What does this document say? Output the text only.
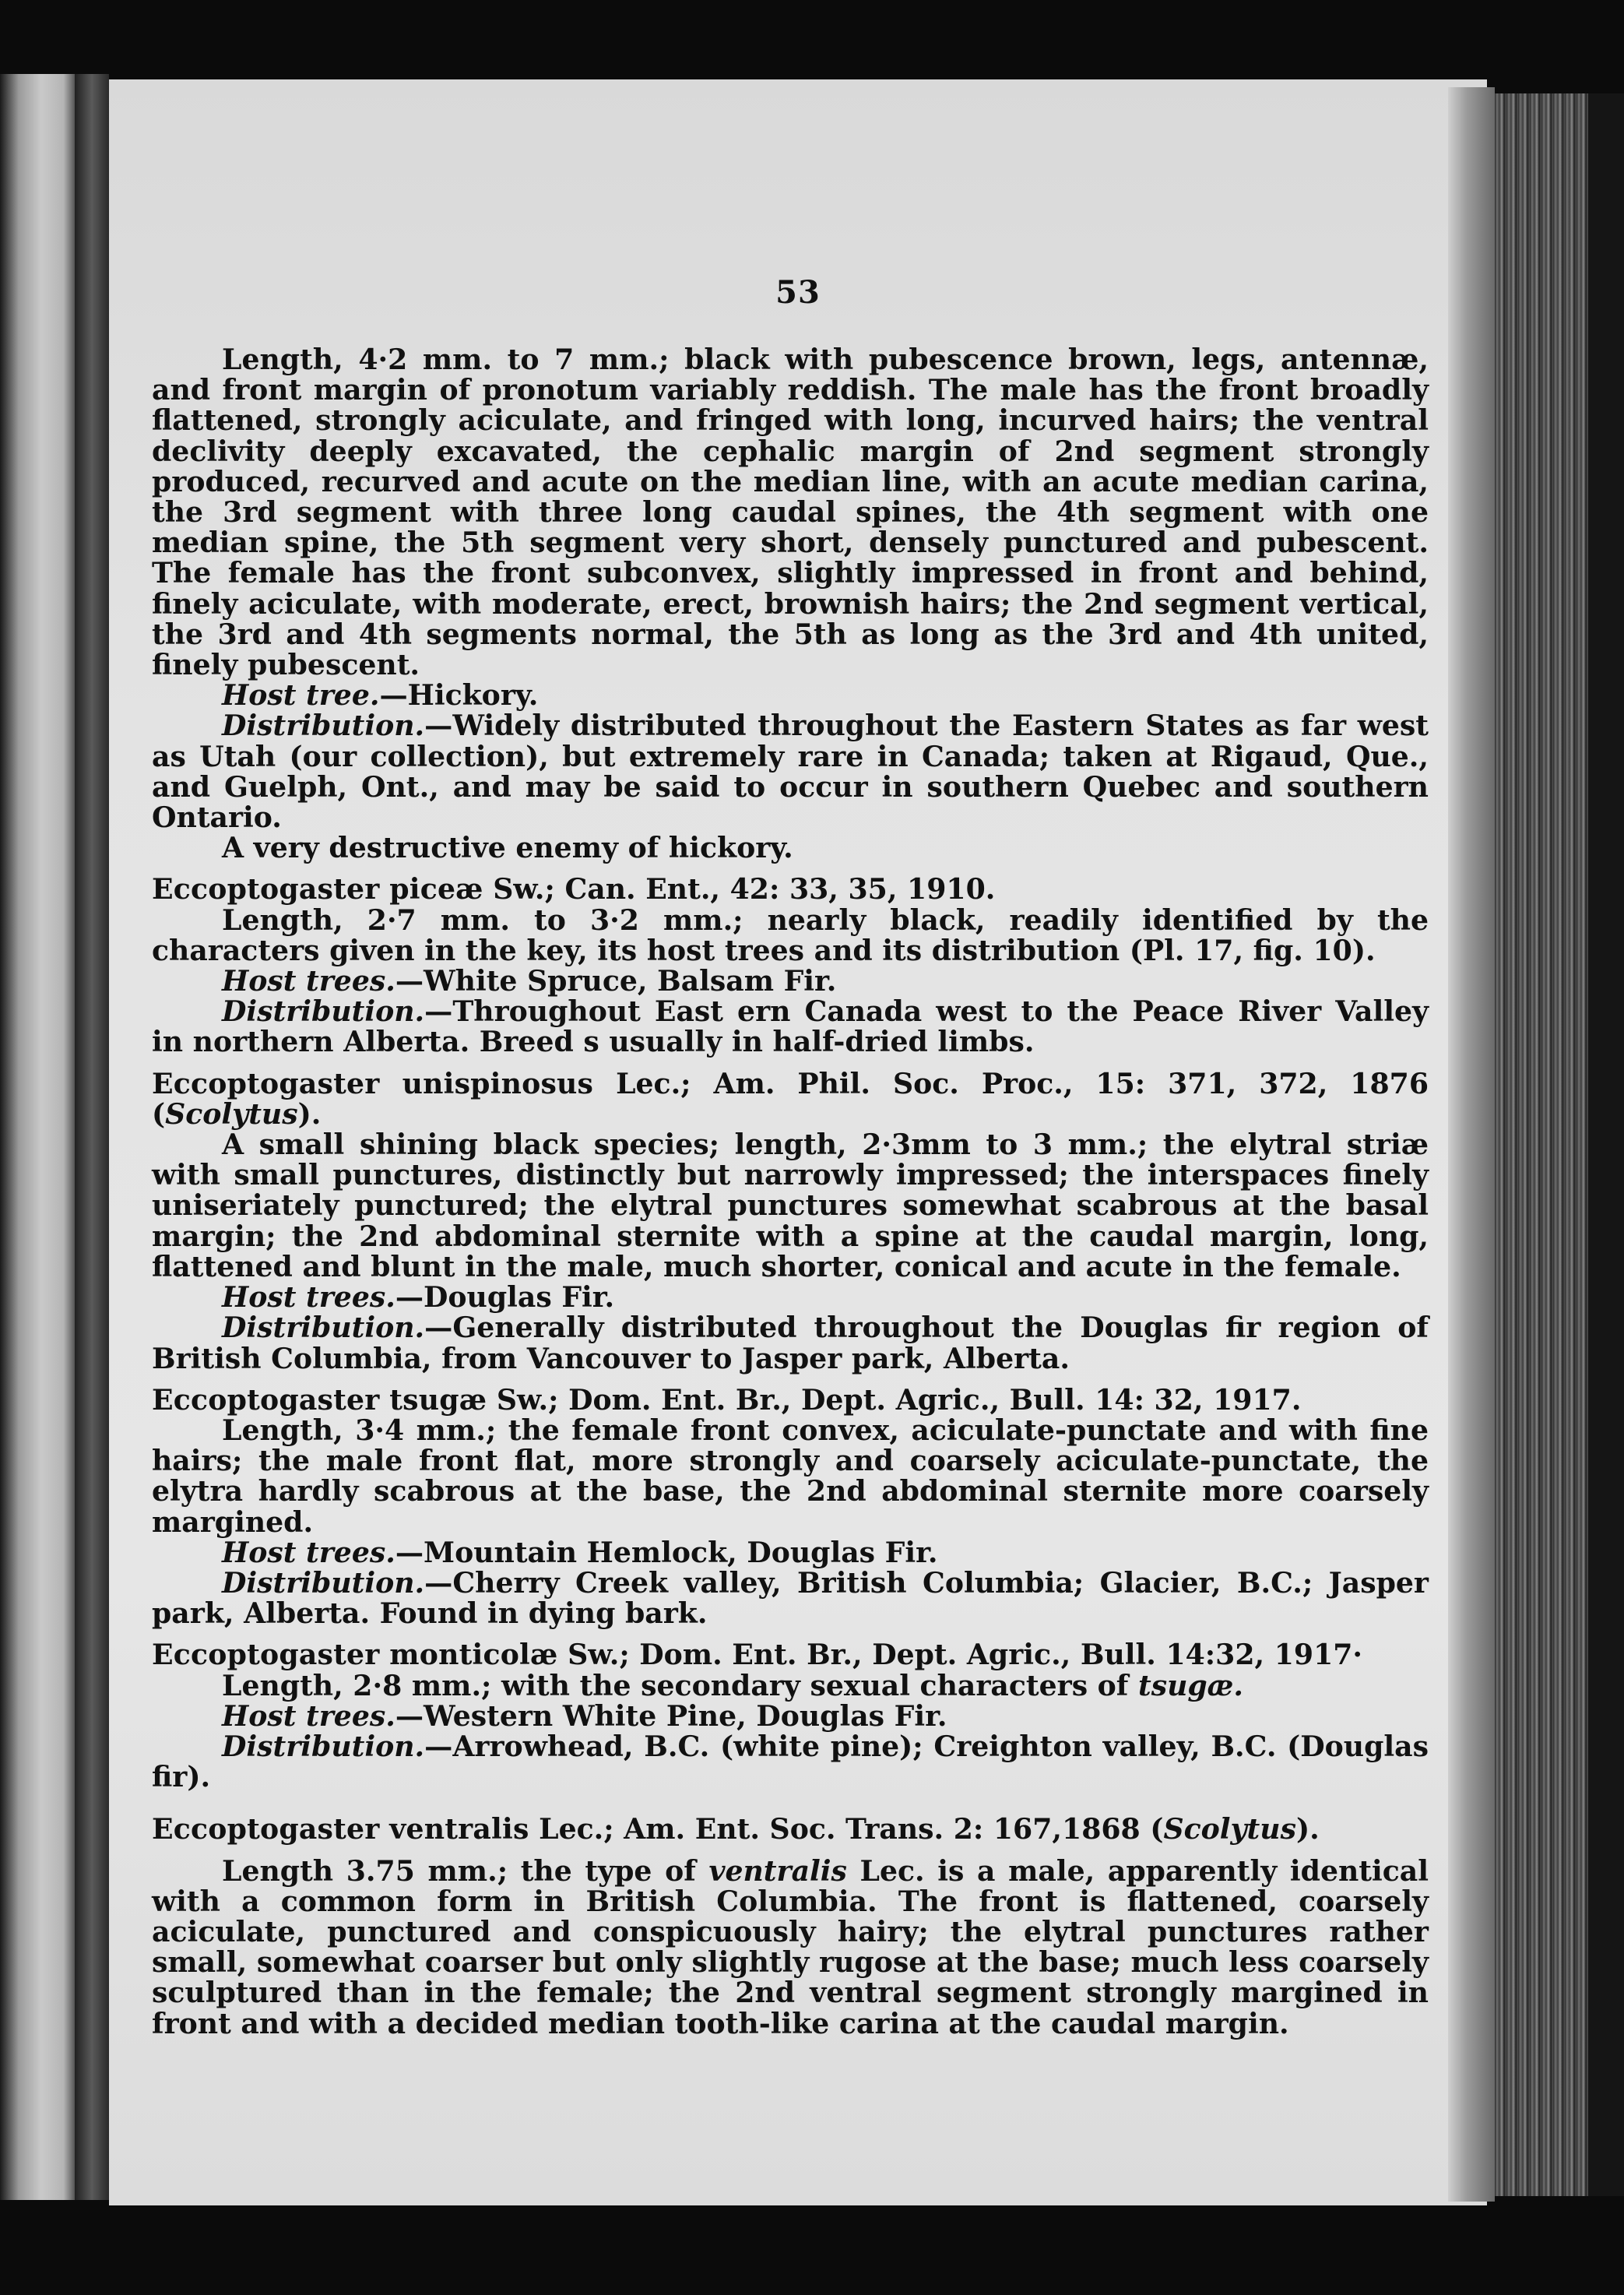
53

Length, 4·2 mm. to 7 mm.; black with pubescence brown, legs, antennæ, and front margin of pronotum variably reddish. The male has the front broadly flattened, strongly aciculate, and fringed with long, incurved hairs; the ventral declivity deeply excavated, the cephalic margin of 2nd segment strongly produced, recurved and acute on the median line, with an acute median carina, the 3rd segment with three long caudal spines, the 4th segment with one median spine, the 5th segment very short, densely punctured and pubescent. The female has the front subconvex, slightly impressed in front and behind, finely aciculate, with moderate, erect, brownish hairs; the 2nd segment vertical, the 3rd and 4th segments normal, the 5th as long as the 3rd and 4th united, finely pubescent.

Host tree.—Hickory.

Distribution.—Widely distributed throughout the Eastern States as far west as Utah (our collection), but extremely rare in Canada; taken at Rigaud, Que., and Guelph, Ont., and may be said to occur in southern Quebec and southern Ontario.

A very destructive enemy of hickory.

Eccoptogaster piceæ Sw.; Can. Ent., 42: 33, 35, 1910.

Length, 2·7 mm. to 3·2 mm.; nearly black, readily identified by the characters given in the key, its host trees and its distribution (Pl. 17, fig. 10).

Host trees.—White Spruce, Balsam Fir.

Distribution.—Throughout East ern Canada west to the Peace River Valley in northern Alberta. Breed s usually in half-dried limbs.

Eccoptogaster unispinosus Lec.; Am. Phil. Soc. Proc., 15: 371, 372, 1876 (Scolytus).

A small shining black species; length, 2·3mm to 3 mm.; the elytral striæ with small punctures, distinctly but narrowly impressed; the interspaces finely uniseriately punctured; the elytral punctures somewhat scabrous at the basal margin; the 2nd abdominal sternite with a spine at the caudal margin, long, flattened and blunt in the male, much shorter, conical and acute in the female.

Host trees.—Douglas Fir.

Distribution.—Generally distributed throughout the Douglas fir region of British Columbia, from Vancouver to Jasper park, Alberta.

Eccoptogaster tsugæ Sw.; Dom. Ent. Br., Dept. Agric., Bull. 14: 32, 1917.

Length, 3·4 mm.; the female front convex, aciculate-punctate and with fine hairs; the male front flat, more strongly and coarsely aciculate-punctate, the elytra hardly scabrous at the base, the 2nd abdominal sternite more coarsely margined.

Host trees.—Mountain Hemlock, Douglas Fir.

Distribution.—Cherry Creek valley, British Columbia; Glacier, B.C.; Jasper park, Alberta. Found in dying bark.

Eccoptogaster monticolæ Sw.; Dom. Ent. Br., Dept. Agric., Bull. 14:32, 1917·

Length, 2·8 mm.; with the secondary sexual characters of tsugæ.

Host trees.—Western White Pine, Douglas Fir.

Distribution.—Arrowhead, B.C. (white pine); Creighton valley, B.C. (Douglas fir).

Eccoptogaster ventralis Lec.; Am. Ent. Soc. Trans. 2: 167,1868 (Scolytus).

Length 3.75 mm.; the type of ventralis Lec. is a male, apparently identical with a common form in British Columbia. The front is flattened, coarsely aciculate, punctured and conspicuously hairy; the elytral punctures rather small, somewhat coarser but only slightly rugose at the base; much less coarsely sculptured than in the female; the 2nd ventral segment strongly margined in front and with a decided median tooth-like carina at the caudal margin.
